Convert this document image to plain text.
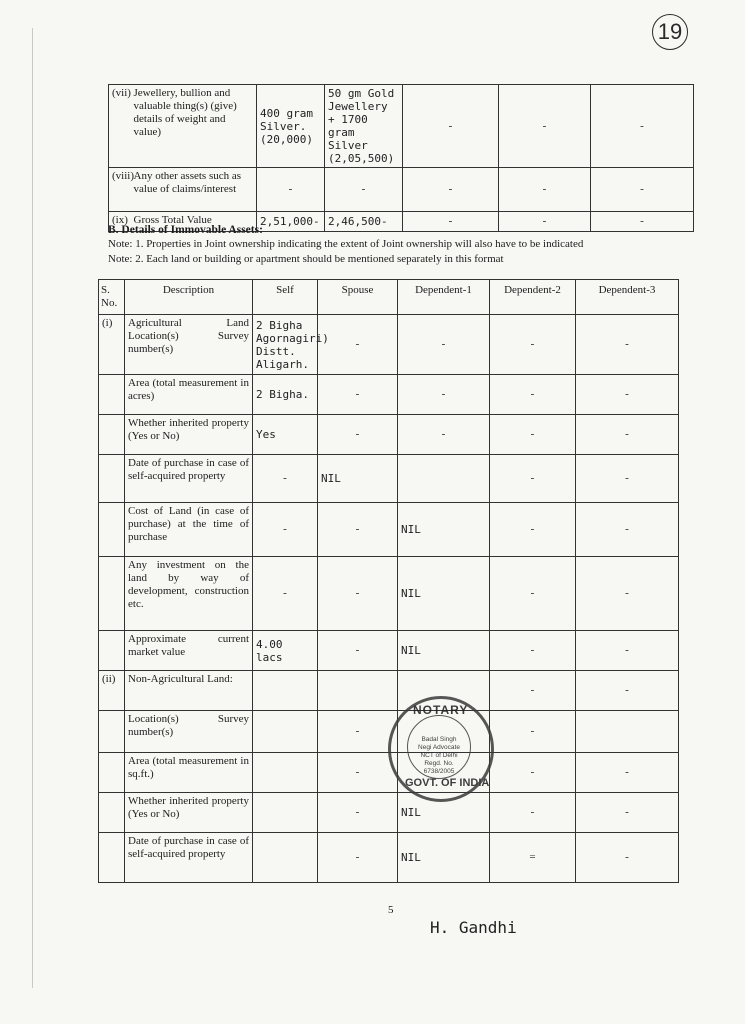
19
(vii)	Jewellery, bullion and valuable thing(s) (give) details of weight and value)	400 gram Silver. (20,000)	50 gm Gold Jewellery + 1700 gram Silver (2,05,500)	-	-	-
(viii)	Any other assets such as value of claims/interest	-	-	-	-	-
(ix)	Gross Total Value	2,51,000-	2,46,500-	-	-	-
B. Details of Immovable Assets:
Note: 1. Properties in Joint ownership indicating the extent of Joint ownership will also have to be indicated
Note: 2. Each land or building or apartment should be mentioned separately in this format
S. No.	Description	Self	Spouse	Dependent-1	Dependent-2	Dependent-3
(i)	Agricultural Land Location(s) Survey number(s)	2 Bigha Agornagiri) Distt. Aligarh.	-	-	-	-
	Area (total measurement in acres)	2 Bigha.	-	-	-	-
	Whether inherited property (Yes or No)	Yes	-	-	-	-
	Date of purchase in case of self-acquired property	-	NIL		-	-
	Cost of Land (in case of purchase) at the time of purchase	-	-	NIL	-	-
	Any investment on the land by way of development, construction etc.	-	-	NIL	-	-
	Approximate current market value	4.00 lacs	-	NIL	-	-
(ii)	Non-Agricultural Land:				-	-
	Location(s) Survey number(s)		-		-	
	Area (total measurement in sq.ft.)		-		-	-
	Whether inherited property (Yes or No)		-	NIL	-	-
	Date of purchase in case of self-acquired property		-	NIL	=	-
NOTARY
Badal Singh Negi Advocate NCT of Delhi Regd. No. 6738/2005
GOVT. OF INDIA
5
H. Gandhi
